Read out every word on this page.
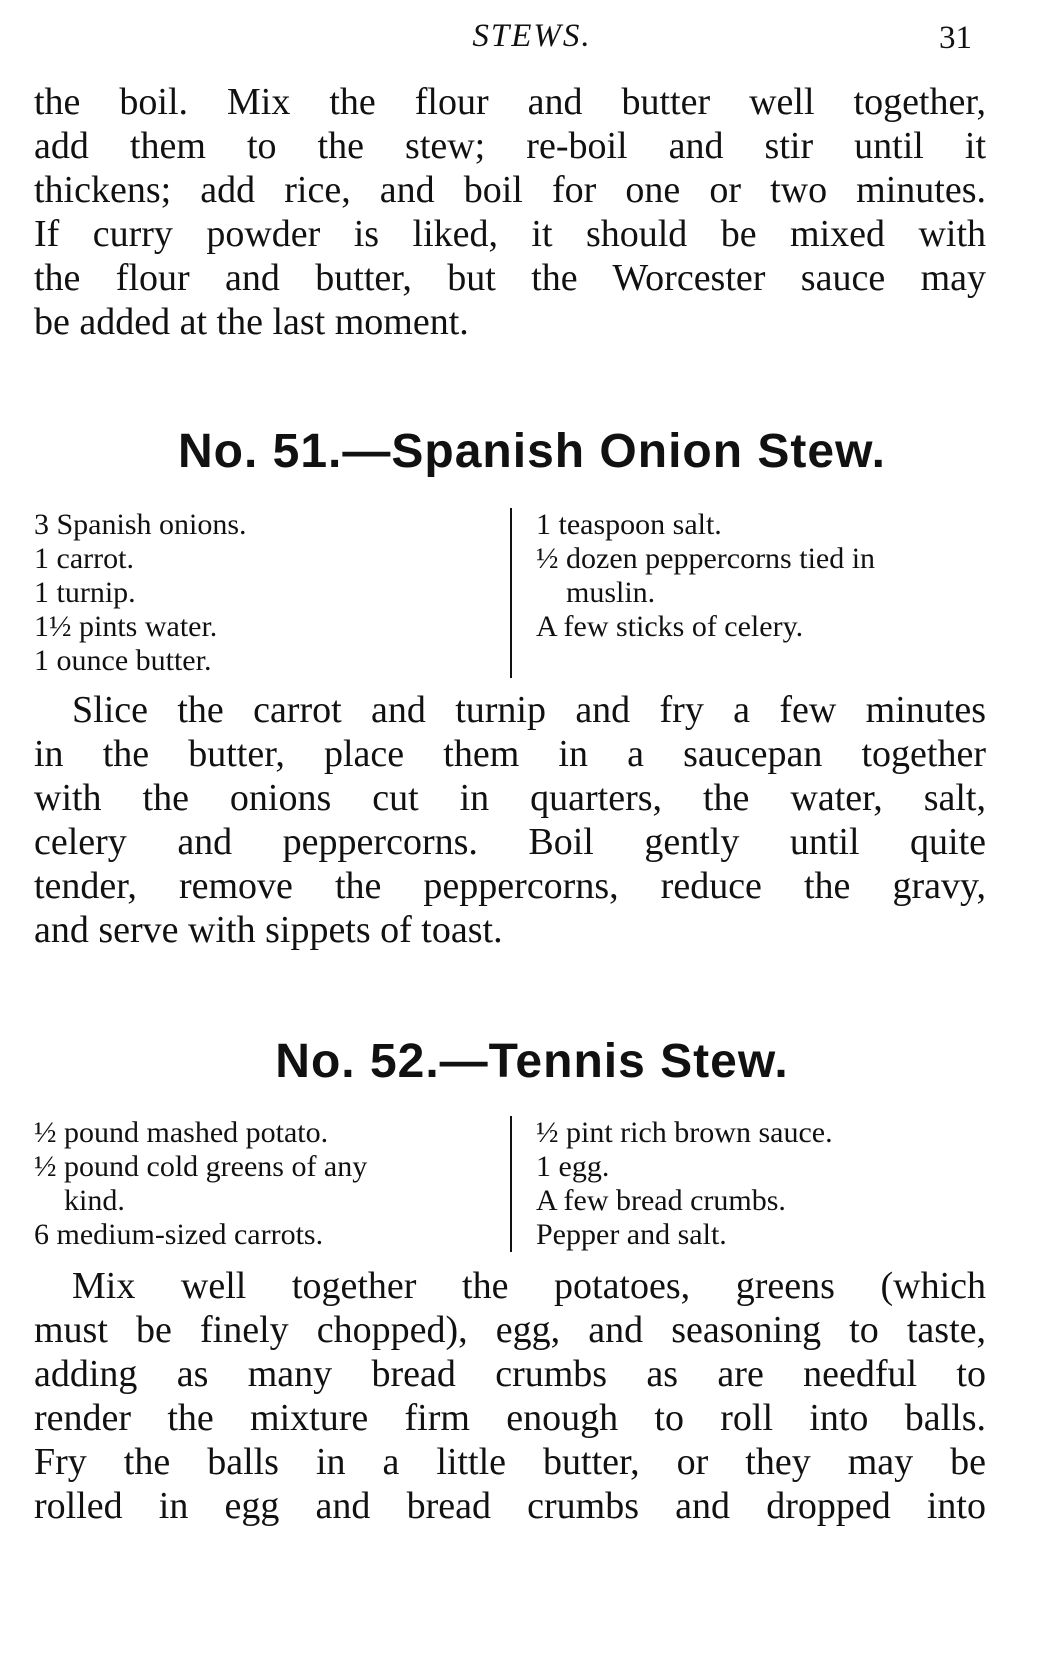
STEWS.	31
the boil. Mix the flour and butter well together,
add them to the stew; re-boil and stir until it
thickens; add rice, and boil for one or two minutes.
If curry powder is liked, it should be mixed with
the flour and butter, but the Worcester sauce may
be added at the last moment.
No. 51.—Spanish Onion Stew.
3 Spanish onions.
1 carrot.
1 turnip.
1½ pints water.
1 ounce butter.
1 teaspoon salt.
½ dozen peppercorns tied in
muslin.
A few sticks of celery.
Slice the carrot and turnip and fry a few minutes
in the butter, place them in a saucepan together
with the onions cut in quarters, the water, salt,
celery and peppercorns. Boil gently until quite
tender, remove the peppercorns, reduce the gravy,
and serve with sippets of toast.
No. 52.—Tennis Stew.
½ pound mashed potato.
½ pound cold greens of any
kind.
6 medium-sized carrots.
½ pint rich brown sauce.
1 egg.
A few bread crumbs.
Pepper and salt.
Mix well together the potatoes, greens (which
must be finely chopped), egg, and seasoning to taste,
adding as many bread crumbs as are needful to
render the mixture firm enough to roll into balls.
Fry the balls in a little butter, or they may be
rolled in egg and bread crumbs and dropped into
